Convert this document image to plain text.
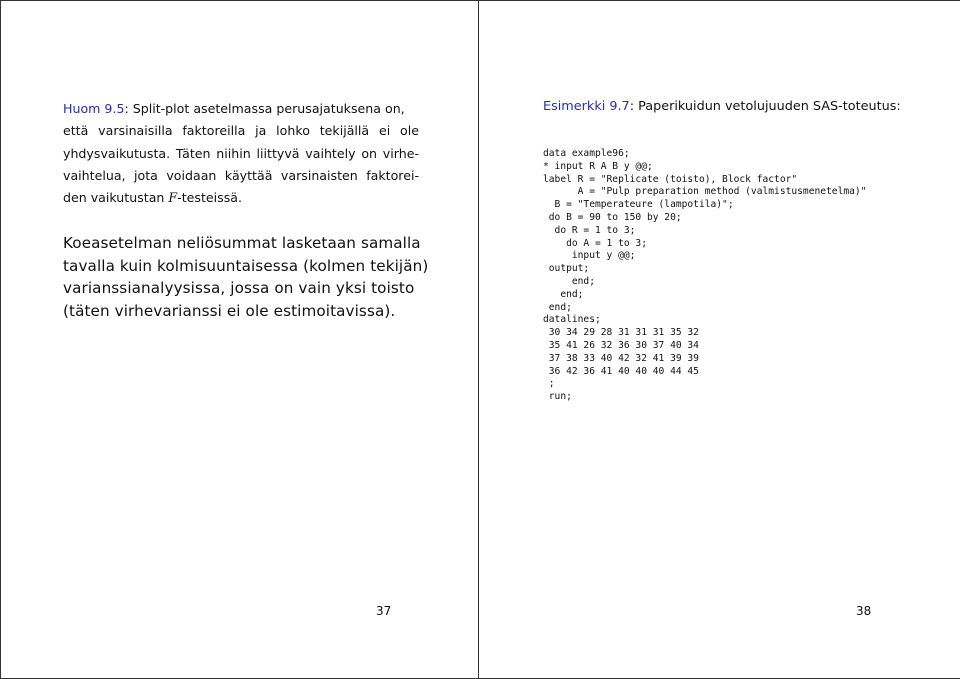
Huom 9.5: Split-plot asetelmassa perusajatuksena on,
että varsinaisilla faktoreilla ja lohko tekijällä ei ole
yhdysvaikutusta. Täten niihin liittyvä vaihtely on virhe-
vaihtelua, jota voidaan käyttää varsinaisten faktorei-
den vaikutustan F-testeissä.
Koeasetelman neliösummat lasketaan samalla
tavalla kuin kolmisuuntaisessa (kolmen tekijän)
varianssianalyysissa, jossa on vain yksi toisto
(täten virhevarianssi ei ole estimoitavissa).
37
Esimerkki 9.7: Paperikuidun vetolujuuden SAS-toteutus:
data example96;
* input R A B y @@;
label R = "Replicate (toisto), Block factor"
A = "Pulp preparation method (valmistusmenetelma)"
B = "Temperateure (lampotila)";
do B = 90 to 150 by 20;
do R = 1 to 3;
do A = 1 to 3;
input y @@;
output;
end;
end;
end;
datalines;
30 34 29 28 31 31 31 35 32
35 41 26 32 36 30 37 40 34
37 38 33 40 42 32 41 39 39
36 42 36 41 40 40 40 44 45
;
run;
38
